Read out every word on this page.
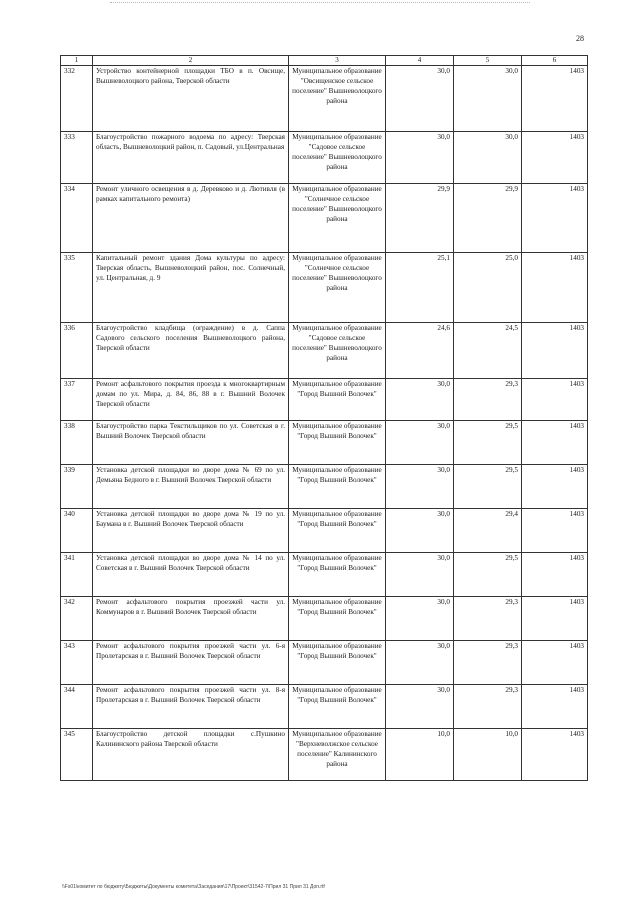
28
1	2	3	4	5	6
332	Устройство контейнерной площадки ТБО в п. Овсище, Вышневолоцкого района, Тверской области	Муниципальное образование "Овсищенское сельское поселение" Вышневолоцкого района	30,0	30,0	1403
333	Благоустройство пожарного водоема по адресу: Тверская область, Вышневолоцкий район, п. Садовый, ул.Центральная	Муниципальное образование "Садовое сельское поселение" Вышневолоцкого района	30,0	30,0	1403
334	Ремонт уличного освещения в д. Деревково и д. Лютивля (в рамках капитального ремонта)	Муниципальное образование "Солнечное сельское поселение" Вышневолоцкого района	29,9	29,9	1403
335	Капитальный ремонт здания Дома культуры по адресу: Тверская область, Вышневолоцкий район, пос. Солнечный, ул. Центральная, д. 9	Муниципальное образование "Солнечное сельское поселение" Вышневолоцкого района	25,1	25,0	1403
336	Благоустройство кладбища (ограждение) в д. Саппа Садового сельского поселения Вышневолоцкого района, Тверской области	Муниципальное образование "Садовое сельское поселение" Вышневолоцкого района	24,6	24,5	1403
337	Ремонт асфальтового покрытия проезда к многоквартирным домам по ул. Мира, д. 84, 86, 88 в г. Вышний Волочек Тверской области	Муниципальное образование "Город Вышний Волочек"	30,0	29,3	1403
338	Благоустройство парка Текстильщиков по ул. Советская в г. Вышний Волочек Тверской области	Муниципальное образование "Город Вышний Волочек"	30,0	29,5	1403
339	Установка детской площадки во дворе дома № 69 по ул. Демьяна Бедного в г. Вышний Волочек Тверской области	Муниципальное образование "Город Вышний Волочек"	30,0	29,5	1403
340	Установка детской площадки во дворе дома № 19 по ул. Баумана в г. Вышний Волочек Тверской области	Муниципальное образование "Город Вышний Волочек"	30,0	29,4	1403
341	Установка детской площадки во дворе дома № 14 по ул. Советская в г. Вышний Волочек Тверской области	Муниципальное образование "Город Вышний Волочек"	30,0	29,5	1403
342	Ремонт асфальтового покрытия проезжей части ул. Коммунаров в г. Вышний Волочек Тверской области	Муниципальное образование "Город Вышний Волочек"	30,0	29,3	1403
343	Ремонт асфальтового покрытия проезжей части ул. 6-я Пролетарская в г. Вышний Волочек Тверской области	Муниципальное образование "Город Вышний Волочек"	30,0	29,3	1403
344	Ремонт асфальтового покрытия проезжей части ул. 8-я Пролетарская в г. Вышний Волочек Тверской области	Муниципальное образование "Город Вышний Волочек"	30,0	29,3	1403
345	Благоустройство детской площадки с.Пушкино Калининского района Тверской области	Муниципальное образование "Верхневолжское сельское поселение" Калининского района	10,0	10,0	1403
\\Fs01\комитет по бюджету\Бюджеты\Документы комитета\Заседания\17\Проект\31542-7\Прил 31 Прил 31 Доп.rtf
